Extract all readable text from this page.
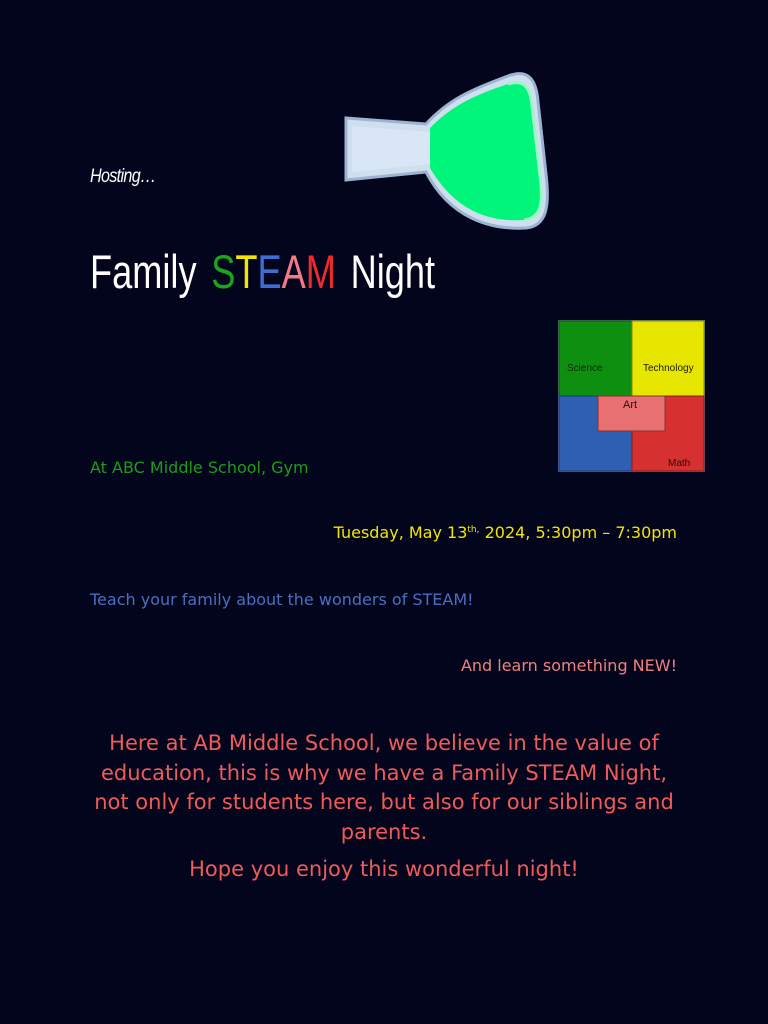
Hosting…
Family STEAM Night
Science	Technology
Art
Math
At ABC Middle School, Gym
Tuesday, May $13^{th,}$ 2024, 5:30pm – 7:30pm
Teach your family about the wonders of STEAM!
And learn something NEW!
Here at AB Middle School, we believe in the value of education, this is why we have a Family STEAM Night, not only for students here, but also for our siblings and parents.
Hope you enjoy this wonderful night!
